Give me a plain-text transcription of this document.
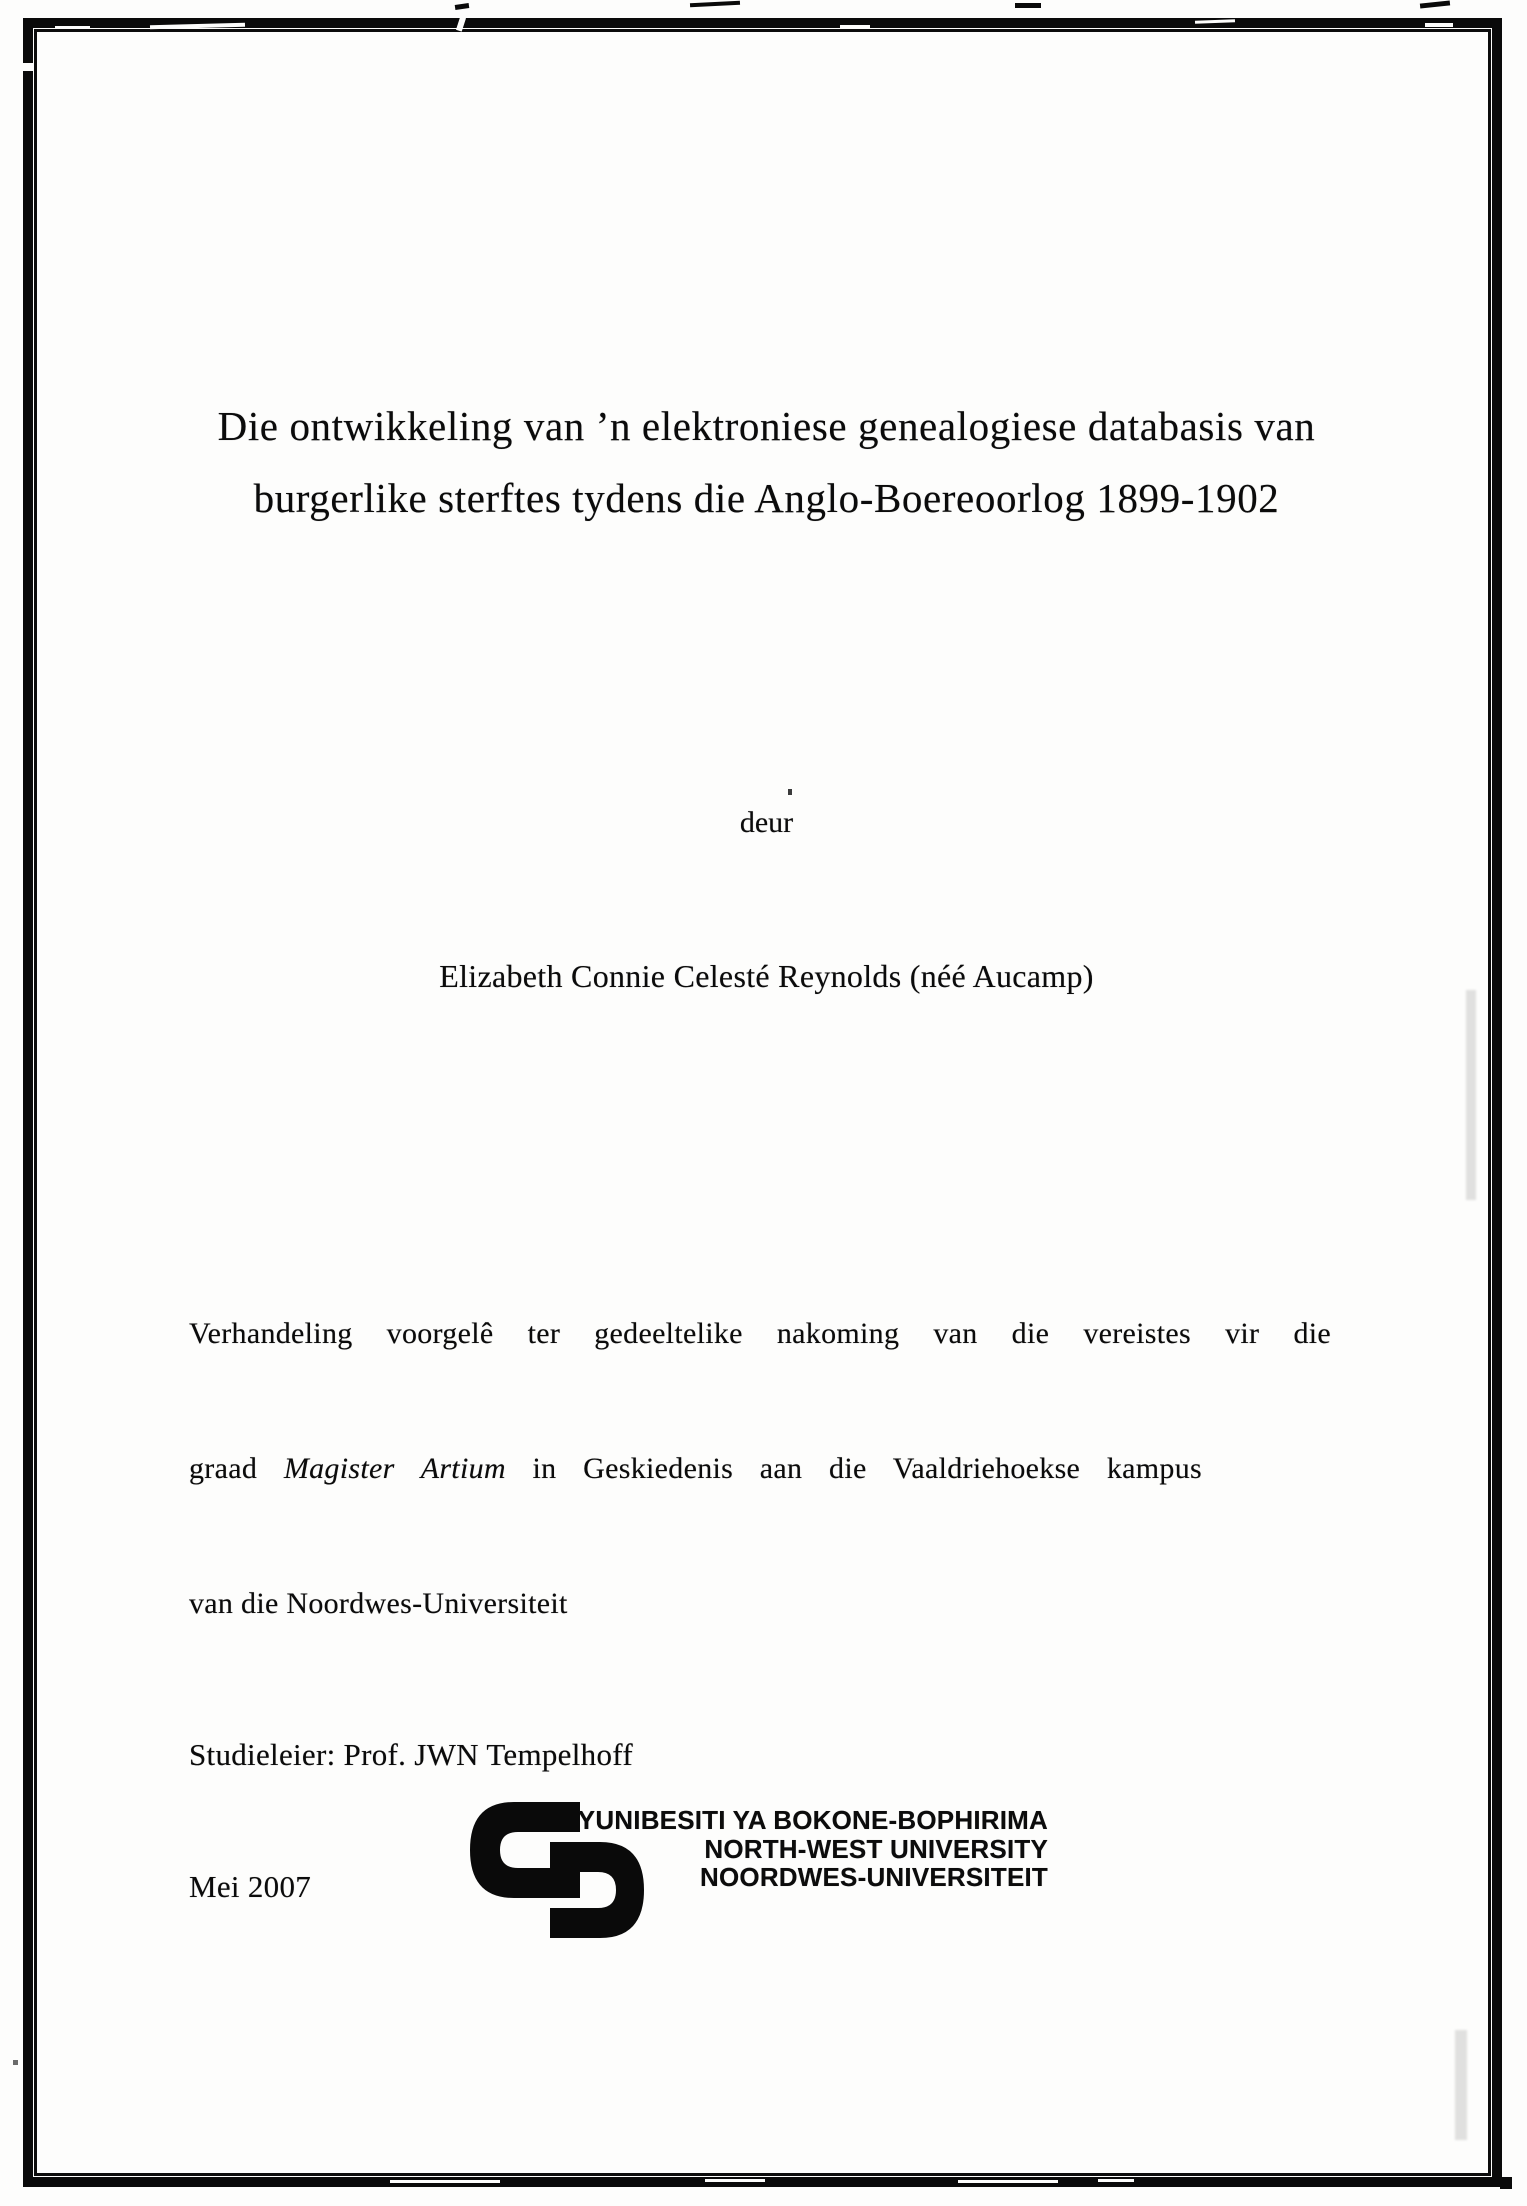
Die ontwikkeling van ’n elektroniese genealogiese databasis van
burgerlike sterftes tydens die Anglo-Boereoorlog 1899-1902
deur
Elizabeth Connie Celesté Reynolds (néé Aucamp)

Verhandeling voorgelê ter gedeeltelike nakoming van die vereistes vir die

graad Magister Artium in Geskiedenis aan die Vaaldriehoekse kampus

van die Noordwes-Universiteit

Studieleier: Prof. JWN Tempelhoff

Mei 2007

YUNIBESITI YA BOKONE-BOPHIRIMA
NORTH-WEST UNIVERSITY
NOORDWES-UNIVERSITEIT
